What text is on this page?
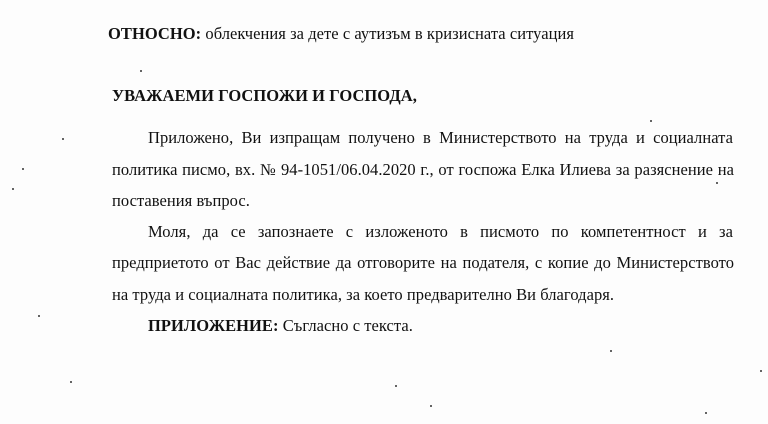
ОТНОСНО: облекчения за дете с аутизъм в кризисната ситуация
УВАЖАЕМИ ГОСПОЖИ И ГОСПОДА,
Приложено, Ви изпращам получено в Министерството на труда и социалната
политика писмо, вх. № 94-1051/06.04.2020 г., от госпожа Елка Илиева за разяснение на
поставения въпрос.
Моля, да се запознаете с изложеното в писмото по компетентност и за
предприетото от Вас действие да отговорите на подателя, с копие до Министерството
на труда и социалната политика, за което предварително Ви благодаря.
ПРИЛОЖЕНИЕ: Съгласно с текста.
